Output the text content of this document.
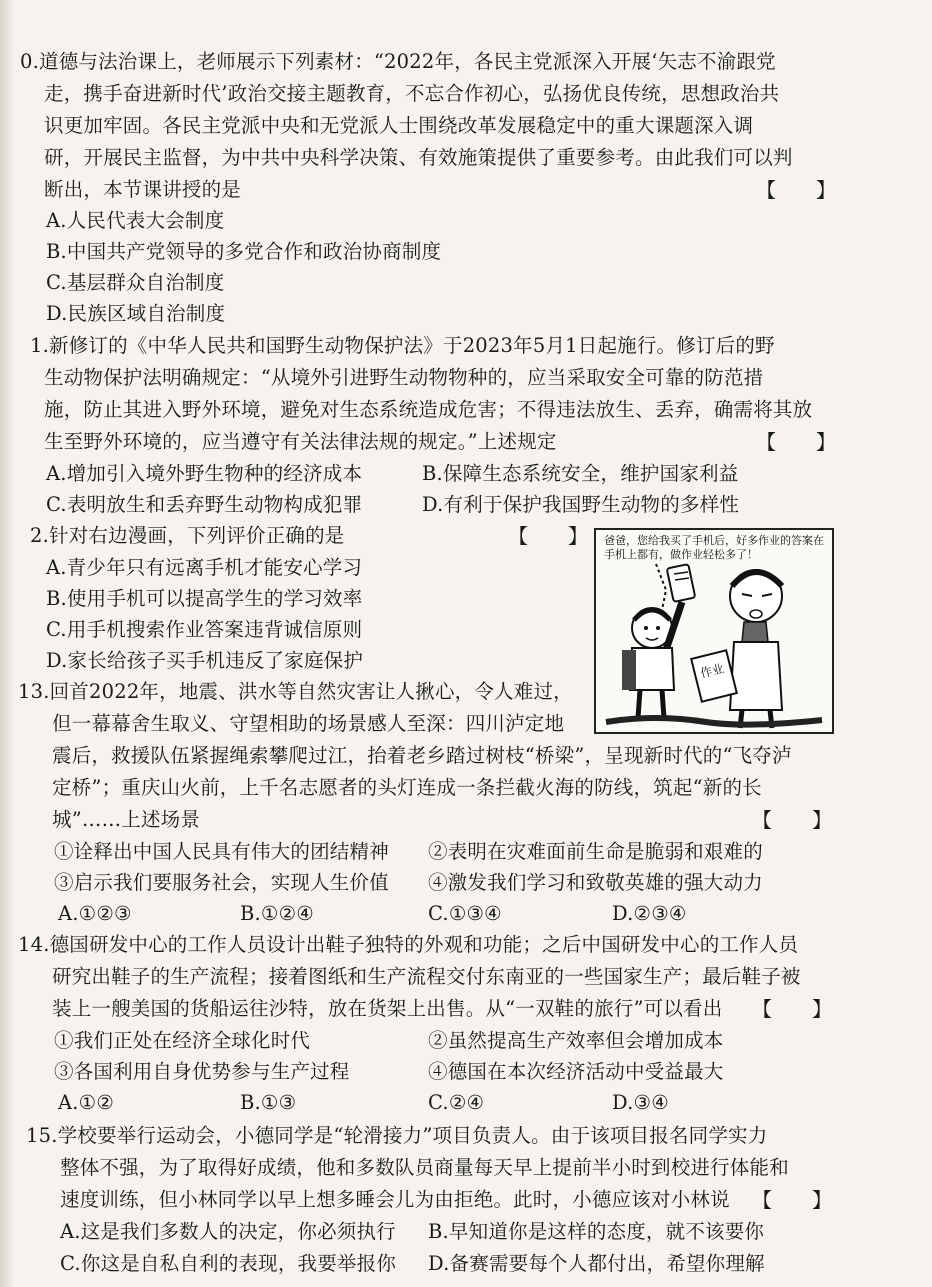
0.道德与法治课上，老师展示下列素材：“2022年，各民主党派深入开展‘矢志不渝跟党
走，携手奋进新时代’政治交接主题教育，不忘合作初心，弘扬优良传统，思想政治共
识更加牢固。各民主党派中央和无党派人士围绕改革发展稳定中的重大课题深入调
研，开展民主监督，为中共中央科学决策、有效施策提供了重要参考。由此我们可以判
断出，本节课讲授的是	【　　】
A.人民代表大会制度
B.中国共产党领导的多党合作和政治协商制度
C.基层群众自治制度
D.民族区域自治制度
1.新修订的《中华人民共和国野生动物保护法》于2023年5月1日起施行。修订后的野
生动物保护法明确规定：“从境外引进野生动物物种的，应当采取安全可靠的防范措
施，防止其进入野外环境，避免对生态系统造成危害；不得违法放生、丢弃，确需将其放
生至野外环境的，应当遵守有关法律法规的规定。”上述规定	【　　】
A.增加引入境外野生物种的经济成本	B.保障生态系统安全，维护国家利益
C.表明放生和丢弃野生动物构成犯罪	D.有利于保护我国野生动物的多样性
2.针对右边漫画，下列评价正确的是	【　　】
A.青少年只有远离手机才能安心学习
B.使用手机可以提高学生的学习效率
C.用手机搜索作业答案违背诚信原则
D.家长给孩子买手机违反了家庭保护
爸爸，您给我买了手机后，好多作业的答案在手机上都有，做作业轻松多了！
作业
13.回首2022年，地震、洪水等自然灾害让人揪心，令人难过，
但一幕幕舍生取义、守望相助的场景感人至深：四川泸定地
震后，救援队伍紧握绳索攀爬过江，抬着老乡踏过树枝“桥梁”，呈现新时代的“飞夺泸
定桥”；重庆山火前，上千名志愿者的头灯连成一条拦截火海的防线，筑起“新的长
城”……上述场景	【　　】
①诠释出中国人民具有伟大的团结精神 ②表明在灾难面前生命是脆弱和艰难的
③启示我们要服务社会，实现人生价值 ④激发我们学习和致敬英雄的强大动力
A.①②③	B.①②④	C.①③④	D.②③④
14.德国研发中心的工作人员设计出鞋子独特的外观和功能；之后中国研发中心的工作人员
研究出鞋子的生产流程；接着图纸和生产流程交付东南亚的一些国家生产；最后鞋子被
装上一艘美国的货船运往沙特，放在货架上出售。从“一双鞋的旅行”可以看出 【　　】
①我们正处在经济全球化时代	②虽然提高生产效率但会增加成本
③各国利用自身优势参与生产过程	④德国在本次经济活动中受益最大
A.①②	B.①③	C.②④	D.③④
15.学校要举行运动会，小德同学是“轮滑接力”项目负责人。由于该项目报名同学实力
整体不强，为了取得好成绩，他和多数队员商量每天早上提前半小时到校进行体能和
速度训练，但小林同学以早上想多睡会儿为由拒绝。此时，小德应该对小林说 【　　】
A.这是我们多数人的决定，你必须执行 B.早知道你是这样的态度，就不该要你
C.你这是自私自利的表现，我要举报你 D.备赛需要每个人都付出，希望你理解
